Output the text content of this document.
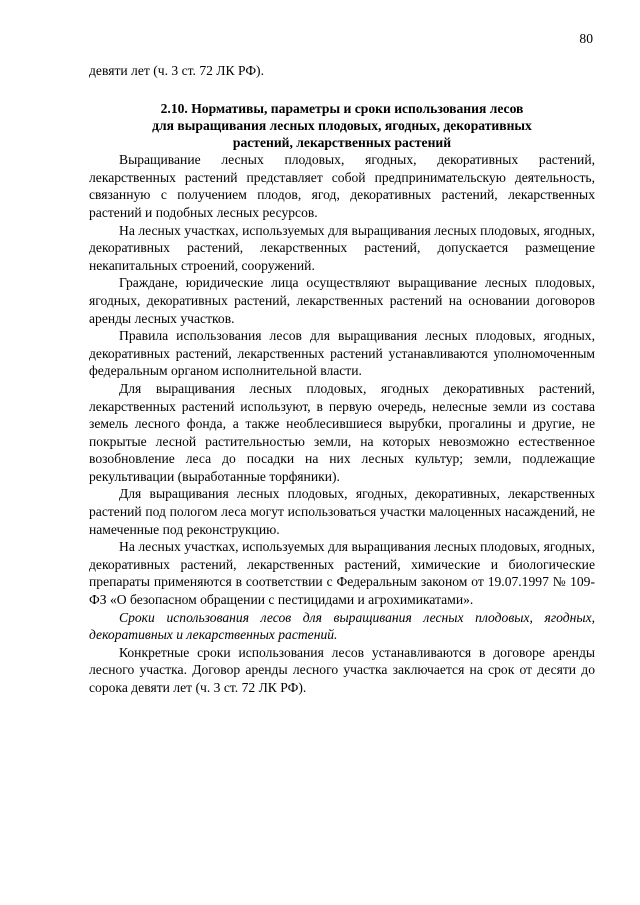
80

девяти лет (ч. 3 ст. 72 ЛК РФ).

2.10. Нормативы, параметры и сроки использования лесов
для выращивания лесных плодовых, ягодных, декоративных
растений, лекарственных растений

Выращивание лесных плодовых, ягодных, декоративных растений, лекарственных растений представляет собой предпринимательскую деятельность, связанную с получением плодов, ягод, декоративных растений, лекарственных растений и подобных лесных ресурсов.

На лесных участках, используемых для выращивания лесных плодовых, ягодных, декоративных растений, лекарственных растений, допускается размещение некапитальных строений, сооружений.

Граждане, юридические лица осуществляют выращивание лесных плодовых, ягодных, декоративных растений, лекарственных растений на основании договоров аренды лесных участков.

Правила использования лесов для выращивания лесных плодовых, ягодных, декоративных растений, лекарственных растений устанавливаются уполномоченным федеральным органом исполнительной власти.

Для выращивания лесных плодовых, ягодных декоративных растений, лекарственных растений используют, в первую очередь, нелесные земли из состава земель лесного фонда, а также необлесившиеся вырубки, прогалины и другие, не покрытые лесной растительностью земли, на которых невозможно естественное возобновление леса до посадки на них лесных культур; земли, подлежащие рекультивации (выработанные торфяники).

Для выращивания лесных плодовых, ягодных, декоративных, лекарственных растений под пологом леса могут использоваться участки малоценных насаждений, не намеченные под реконструкцию.

На лесных участках, используемых для выращивания лесных плодовых, ягодных, декоративных растений, лекарственных растений, химические и биологические препараты применяются в соответствии с Федеральным законом от 19.07.1997 № 109-ФЗ «О безопасном обращении с пестицидами и агрохимикатами».

Сроки использования лесов для выращивания лесных плодовых, ягодных, декоративных и лекарственных растений.

Конкретные сроки использования лесов устанавливаются в договоре аренды лесного участка. Договор аренды лесного участка заключается на срок от десяти до сорока девяти лет (ч. 3 ст. 72 ЛК РФ).
